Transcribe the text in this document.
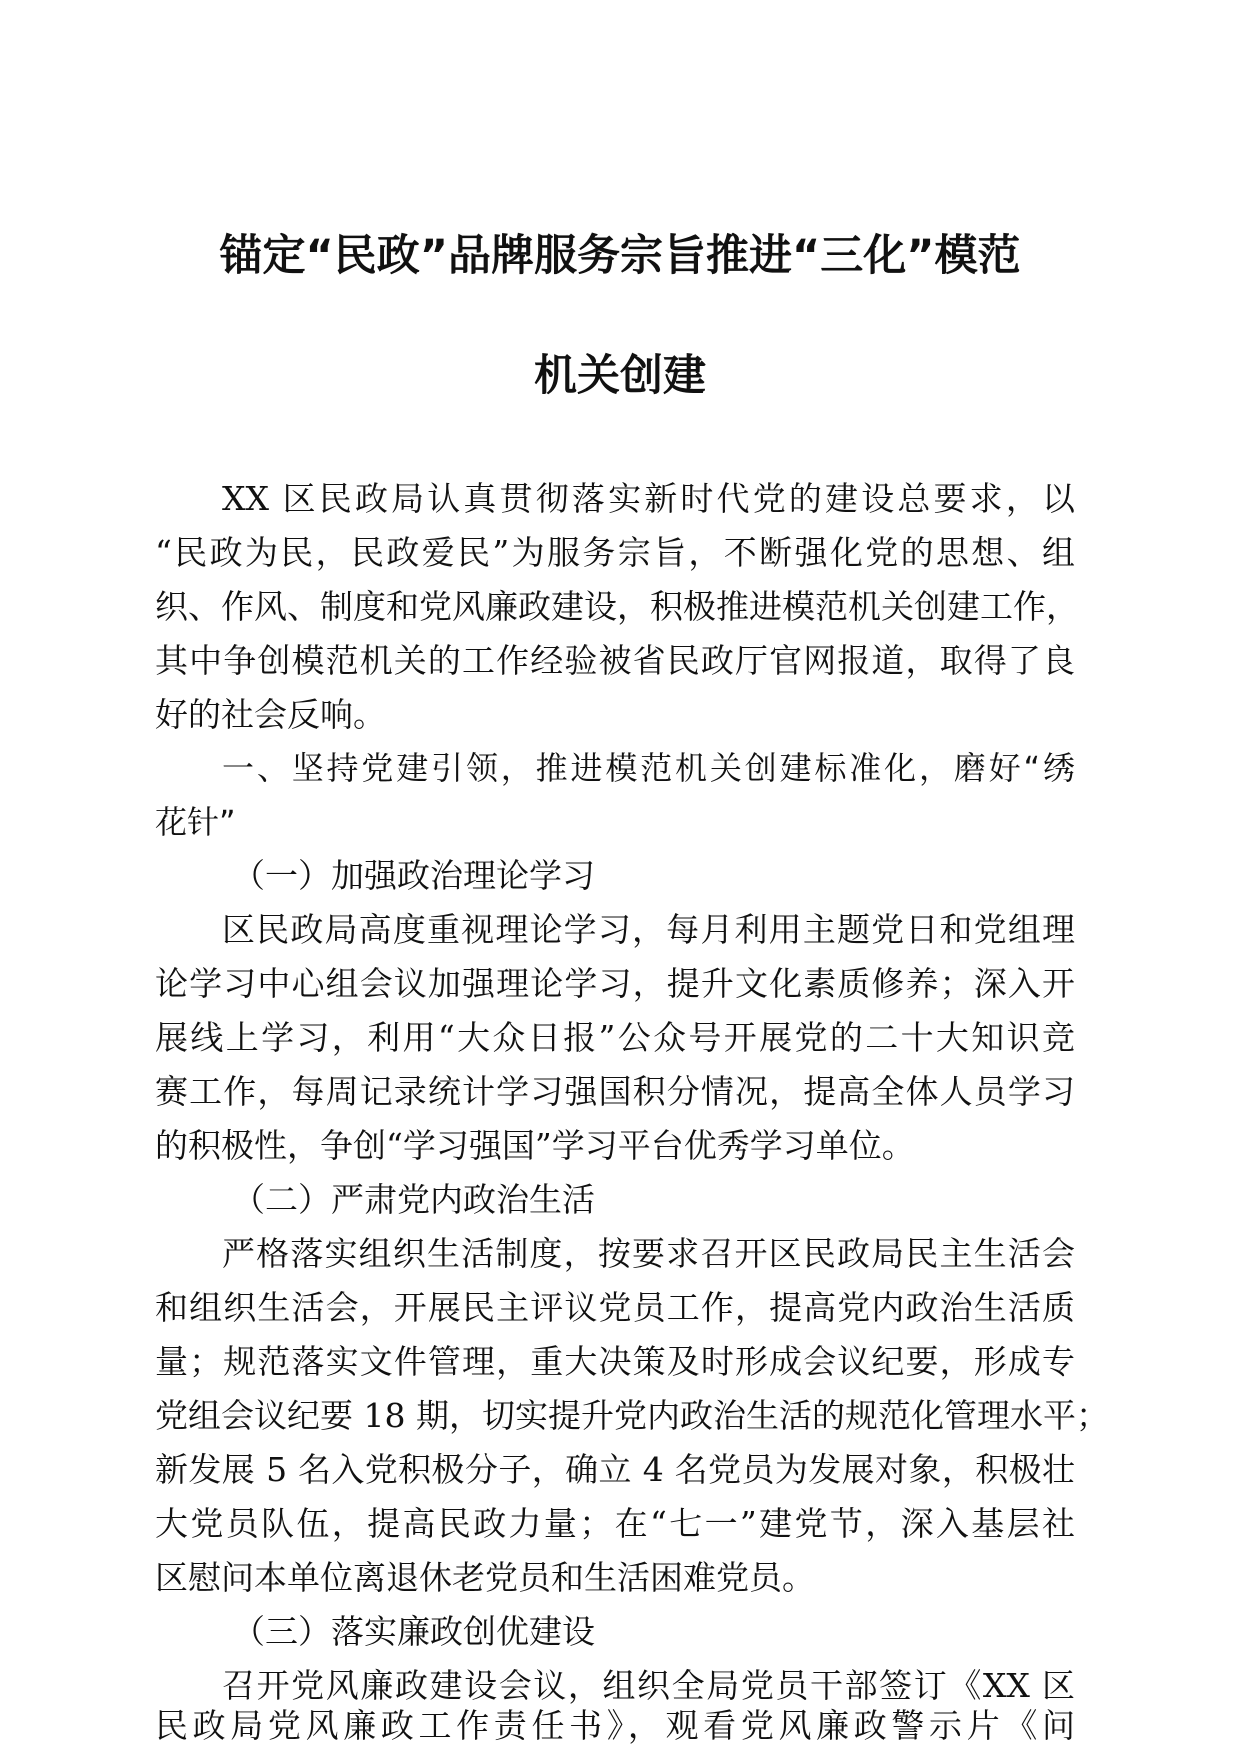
锚定“民政”品牌服务宗旨推进“三化”模范
机关创建
XX 区民政局认真贯彻落实新时代党的建设总要求，以
“民政为民，民政爱民”为服务宗旨，不断强化党的思想、组
织、作风、制度和党风廉政建设，积极推进模范机关创建工作，
其中争创模范机关的工作经验被省民政厅官网报道，取得了良
好的社会反响。
一、坚持党建引领，推进模范机关创建标准化，磨好“绣
花针”
（一）加强政治理论学习
区民政局高度重视理论学习，每月利用主题党日和党组理
论学习中心组会议加强理论学习，提升文化素质修养；深入开
展线上学习，利用“大众日报”公众号开展党的二十大知识竞
赛工作，每周记录统计学习强国积分情况，提高全体人员学习
的积极性，争创“学习强国”学习平台优秀学习单位。
（二）严肃党内政治生活
严格落实组织生活制度，按要求召开区民政局民主生活会
和组织生活会，开展民主评议党员工作，提高党内政治生活质
量；规范落实文件管理，重大决策及时形成会议纪要，形成专
党组会议纪要 18 期，切实提升党内政治生活的规范化管理水平；
新发展 5 名入党积极分子，确立 4 名党员为发展对象，积极壮
大党员队伍，提高民政力量；在“七一”建党节，深入基层社
区慰问本单位离退休老党员和生活困难党员。
（三）落实廉政创优建设
召开党风廉政建设会议，组织全局党员干部签订《XX 区
民政局党风廉政工作责任书》，观看党风廉政警示片《问
